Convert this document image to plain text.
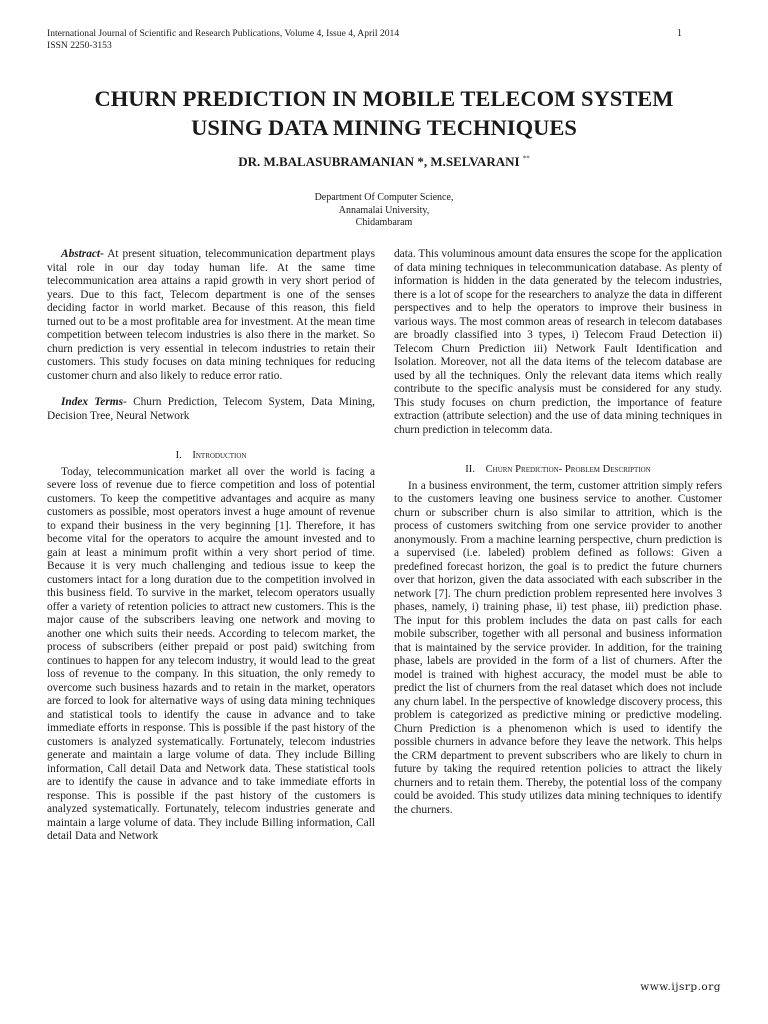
International Journal of Scientific and Research Publications, Volume 4, Issue 4, April 2014
ISSN 2250-3153
1
CHURN PREDICTION IN MOBILE TELECOM SYSTEM
USING DATA MINING TECHNIQUES
DR. M.BALASUBRAMANIAN *, M.SELVARANI **
Department Of Computer Science,
Annamalai University,
Chidambaram

Abstract- At present situation, telecommunication department plays vital role in our day today human life. At the same time telecommunication area attains a rapid growth in very short period of years. Due to this fact, Telecom department is one of the senses deciding factor in world market. Because of this reason, this field turned out to be a most profitable area for investment. At the mean time competition between telecom industries is also there in the market. So churn prediction is very essential in telecom industries to retain their customers. This study focuses on data mining techniques for reducing customer churn and also likely to reduce error ratio.

Index Terms- Churn Prediction, Telecom System, Data Mining, Decision Tree, Neural Network

I. Introduction

Today, telecommunication market all over the world is facing a severe loss of revenue due to fierce competition and loss of potential customers. To keep the competitive advantages and acquire as many customers as possible, most operators invest a huge amount of revenue to expand their business in the very beginning [1]. Therefore, it has become vital for the operators to acquire the amount invested and to gain at least a minimum profit within a very short period of time. Because it is very much challenging and tedious issue to keep the customers intact for a long duration due to the competition involved in this business field. To survive in the market, telecom operators usually offer a variety of retention policies to attract new customers. This is the major cause of the subscribers leaving one network and moving to another one which suits their needs. According to telecom market, the process of subscribers (either prepaid or post paid) switching from continues to happen for any telecom industry, it would lead to the great loss of revenue to the company. In this situation, the only remedy to overcome such business hazards and to retain in the market, operators are forced to look for alternative ways of using data mining techniques and statistical tools to identify the cause in advance and to take immediate efforts in response. This is possible if the past history of the customers is analyzed systematically. Fortunately, telecom industries generate and maintain a large volume of data. They include Billing information, Call detail Data and Network data. These statistical tools are to identify the cause in advance and to take immediate efforts in response. This is possible if the past history of the customers is analyzed systematically. Fortunately, telecom industries generate and maintain a large volume of data. They include Billing information, Call detail Data and Network

data. This voluminous amount data ensures the scope for the application of data mining techniques in telecommunication database. As plenty of information is hidden in the data generated by the telecom industries, there is a lot of scope for the researchers to analyze the data in different perspectives and to help the operators to improve their business in various ways. The most common areas of research in telecom databases are broadly classified into 3 types, i) Telecom Fraud Detection ii) Telecom Churn Prediction iii) Network Fault Identification and Isolation. Moreover, not all the data items of the telecom database are used by all the techniques. Only the relevant data items which really contribute to the specific analysis must be considered for any study. This study focuses on churn prediction, the importance of feature extraction (attribute selection) and the use of data mining techniques in churn prediction in telecomm data.

II. Churn Prediction- Problem Description

In a business environment, the term, customer attrition simply refers to the customers leaving one business service to another. Customer churn or subscriber churn is also similar to attrition, which is the process of customers switching from one service provider to another anonymously. From a machine learning perspective, churn prediction is a supervised (i.e. labeled) problem defined as follows: Given a predefined forecast horizon, the goal is to predict the future churners over that horizon, given the data associated with each subscriber in the network [7]. The churn prediction problem represented here involves 3 phases, namely, i) training phase, ii) test phase, iii) prediction phase. The input for this problem includes the data on past calls for each mobile subscriber, together with all personal and business information that is maintained by the service provider. In addition, for the training phase, labels are provided in the form of a list of churners. After the model is trained with highest accuracy, the model must be able to predict the list of churners from the real dataset which does not include any churn label. In the perspective of knowledge discovery process, this problem is categorized as predictive mining or predictive modeling. Churn Prediction is a phenomenon which is used to identify the possible churners in advance before they leave the network. This helps the CRM department to prevent subscribers who are likely to churn in future by taking the required retention policies to attract the likely churners and to retain them. Thereby, the potential loss of the company could be avoided. This study utilizes data mining techniques to identify the churners.

www.ijsrp.org
